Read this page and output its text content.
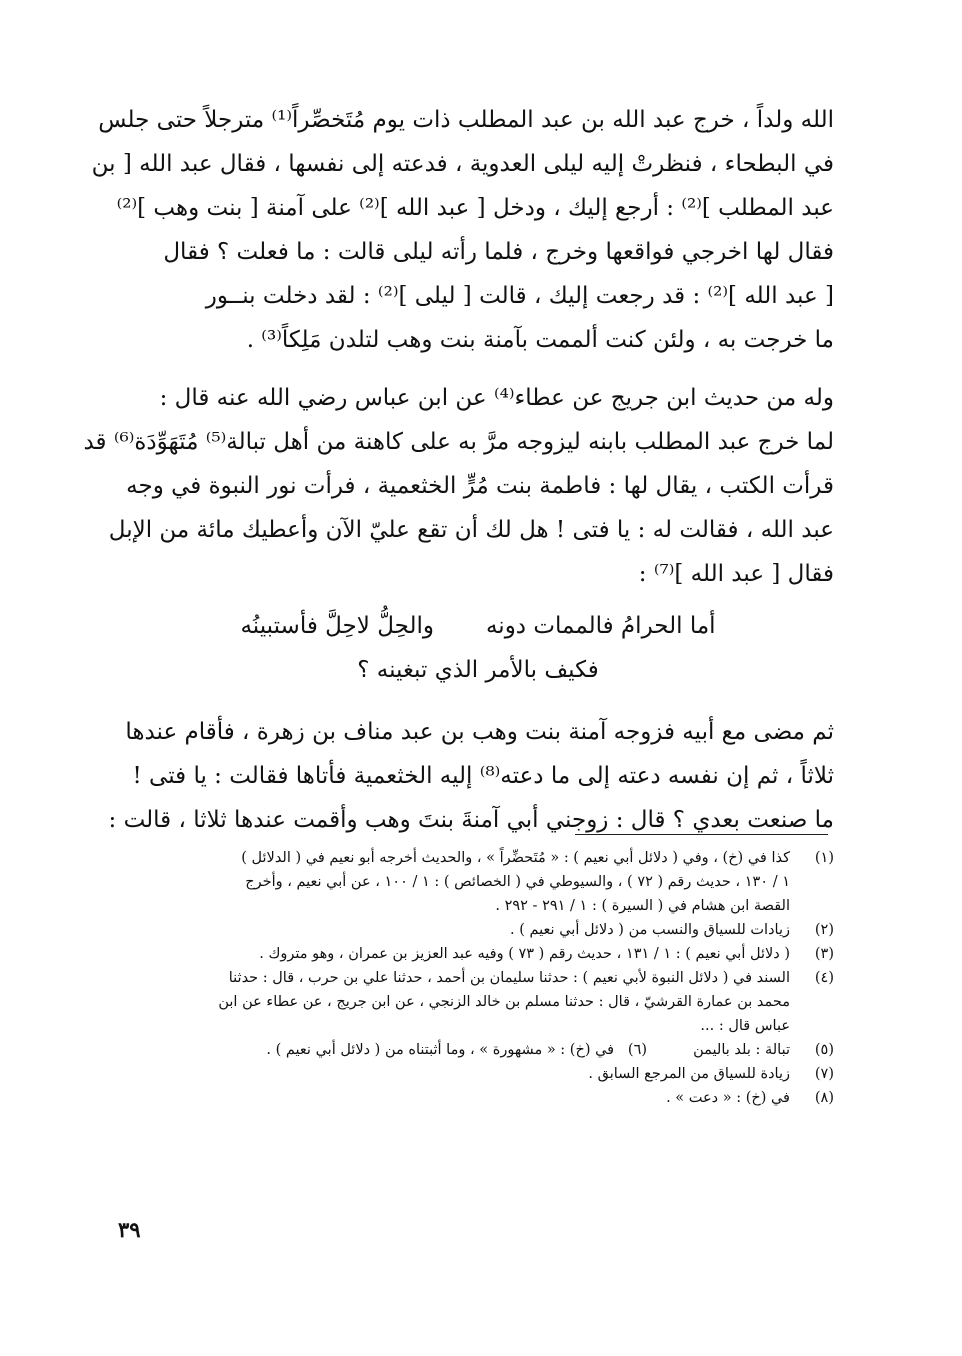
الله ولداً ، خرج عبد الله بن عبد المطلب ذات يوم مُتَخصِّراً⁽¹⁾ مترجلاً حتى جلس
في البطحاء ، فنظرتْ إليه ليلى العدوية ، فدعته إلى نفسها ، فقال عبد الله [ بن
عبد المطلب ]⁽²⁾ : أرجع إليك ، ودخل [ عبد الله ]⁽²⁾ على آمنة [ بنت وهب ]⁽²⁾
فقال لها اخرجي فواقعها وخرج ، فلما رأته ليلى قالت : ما فعلت ؟ فقال
[ عبد الله ]⁽²⁾ : قد رجعت إليك ، قالت [ ليلى ]⁽²⁾ : لقد دخلت بنــور
ما خرجت به ، ولئن كنت ألممت بآمنة بنت وهب لتلدن مَلِكاً⁽³⁾ .

وله من حديث ابن جريج عن عطاء⁽⁴⁾ عن ابن عباس رضي الله عنه قال :
لما خرج عبد المطلب بابنه ليزوجه مرَّ به على كاهنة من أهل تبالة⁽⁵⁾ مُتَهَوِّدَة⁽⁶⁾ قد
قرأت الكتب ، يقال لها : فاطمة بنت مُرٍّ الخثعمية ، فرأت نور النبوة في وجه
عبد الله ، فقالت له : يا فتى ! هل لك أن تقع عليّ الآن وأعطيك مائة من الإبل
فقال [ عبد الله ]⁽⁷⁾ :

أما الحرامُ فالممات دونهوالحِلُّ لاحِلَّ فأستبينُه
فكيف بالأمر الذي تبغينه ؟

ثم مضى مع أبيه فزوجه آمنة بنت وهب بن عبد مناف بن زهرة ، فأقام عندها
ثلاثاً ، ثم إن نفسه دعته إلى ما دعته⁽⁸⁾ إليه الخثعمية فأتاها فقالت : يا فتى !
ما صنعت بعدي ؟ قال : زوجني أبي آمنةَ بنتَ وهب وأقمت عندها ثلاثا ، قالت :

(١)
كذا في (خ) ، وفي ( دلائل أبي نعيم ) : « مُتَحضِّراً » ، والحديث أخرجه أبو نعيم في ( الدلائل )
١ / ١٣٠ ، حديث رقم ( ٧٢ ) ، والسيوطي في ( الخصائص ) : ١ / ١٠٠ ، عن أبي نعيم ، وأخرج
القصة ابن هشام في ( السيرة ) : ١ / ٢٩١ - ٢٩٢ .
(٢)
زيادات للسياق والنسب من ( دلائل أبي نعيم ) .
(٣)
( دلائل أبي نعيم ) : ١ / ١٣١ ، حديث رقم ( ٧٣ ) وفيه عبد العزيز بن عمران ، وهو متروك .
(٤)
السند في ( دلائل النبوة لأبي نعيم ) : حدثنا سليمان بن أحمد ، حدثنا علي بن حرب ، قال : حدثنا
محمد بن عمارة القرشيّ ، قال : حدثنا مسلم بن خالد الزنجي ، عن ابن جريج ، عن عطاء عن ابن
عباس قال : ...
(٥)
تبالة : بلد باليمن          (٦)   في (خ) : « مشهورة » ، وما أثبتناه من ( دلائل أبي نعيم ) .
(٧)
زيادة للسياق من المرجع السابق .
(٨)
في (خ) : « دعت » .
٣٩
